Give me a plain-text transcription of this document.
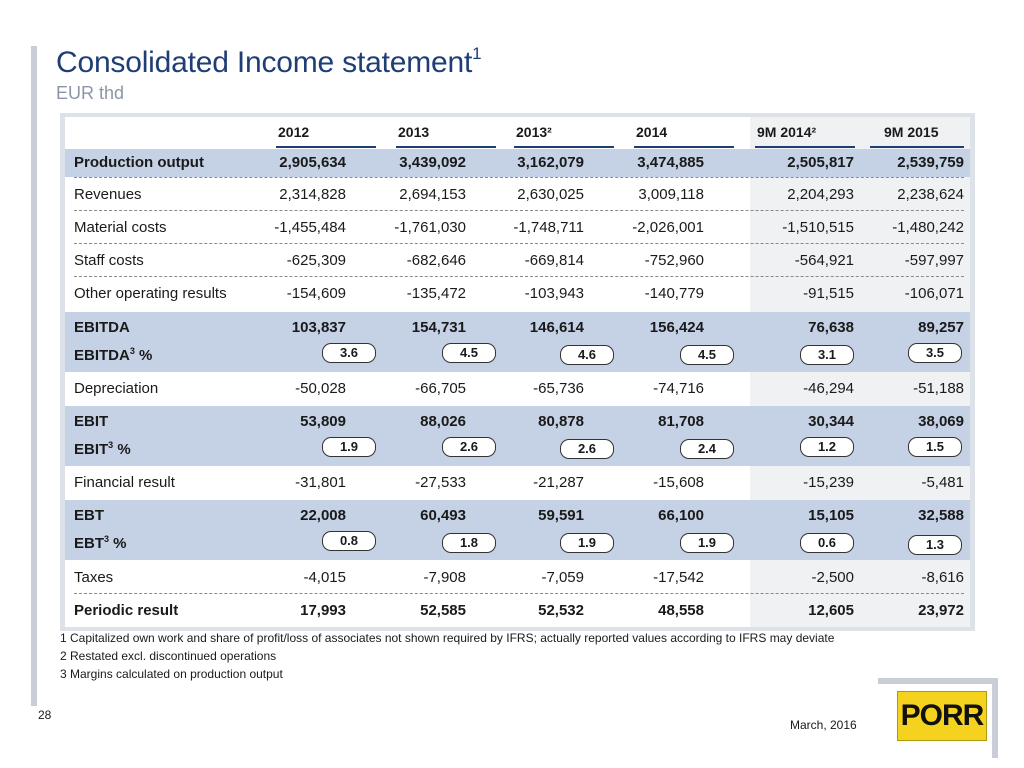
Consolidated Income statement$^1$
EUR thd
2012	2013	2013²	2014	9M 2014²	9M 2015
Production output	2,905,634	3,439,092	3,162,079	3,474,885	2,505,817	2,539,759
Revenues	2,314,828	2,694,153	2,630,025	3,009,118	2,204,293	2,238,624
Material costs	-1,455,484	-1,761,030	-1,748,711	-2,026,001	-1,510,515	-1,480,242
Staff costs	-625,309	-682,646	-669,814	-752,960	-564,921	-597,997
Other operating results	-154,609	-135,472	-103,943	-140,779	-91,515	-106,071
EBITDA	103,837	154,731	146,614	156,424	76,638	89,257
EBITDA$^3$ %	3.6	4.5	4.6	4.5	3.1	3.5
Depreciation	-50,028	-66,705	-65,736	-74,716	-46,294	-51,188
EBIT	53,809	88,026	80,878	81,708	30,344	38,069
EBIT$^3$ %	1.9	2.6	2.6	2.4	1.2	1.5
Financial result	-31,801	-27,533	-21,287	-15,608	-15,239	-5,481
EBT	22,008	60,493	59,591	66,100	15,105	32,588
EBT$^3$ %	0.8	1.8	1.9	1.9	0.6	1.3
Taxes	-4,015	-7,908	-7,059	-17,542	-2,500	-8,616
Periodic result	17,993	52,585	52,532	48,558	12,605	23,972
1 Capitalized own work and share of profit/loss of associates not shown required by IFRS; actually reported values according to IFRS may deviate
2 Restated excl. discontinued operations
3 Margins calculated on production output
28
March, 2016 PORR
